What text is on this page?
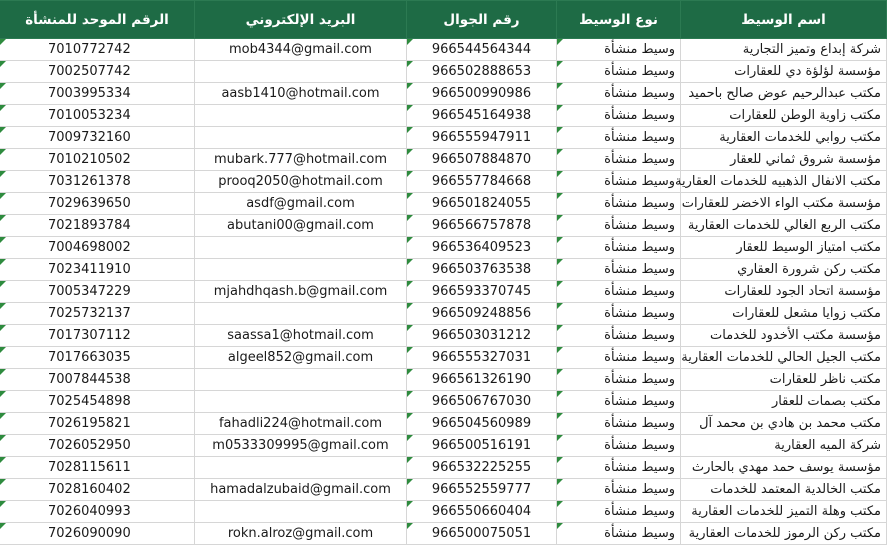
اسم الوسيط	نوع الوسيط	رقم الجوال	البريد الإلكتروني	الرقم الموحد للمنشأة
شركة إبداع وتميز التجارية	وسيط منشأة	966544564344	mob4344@gmail.com	7010772742
مؤسسة لؤلؤة دي للعقارات	وسيط منشأة	966502888653		7002507742
مكتب عبدالرحيم عوض صالح باحميد	وسيط منشأة	966500990986	aasb1410@hotmail.com	7003995334
مكتب زاوية الوطن للعقارات	وسيط منشأة	966545164938		7010053234
مكتب روابي للخدمات العقارية	وسيط منشأة	966555947911		7009732160
مؤسسة شروق ثماني للعقار	وسيط منشأة	966507884870	mubark.777@hotmail.com	7010210502
مكتب الانفال الذهبيه للخدمات العقارية	وسيط منشأة	966557784668	prooq2050@hotmail.com	7031261378
مؤسسة مكتب الواء الاخضر للعقارات	وسيط منشأة	966501824055	asdf@gmail.com	7029639650
مكتب الربع الغالي للخدمات العقارية	وسيط منشأة	966566757878	abutani00@gmail.com	7021893784
مكتب امتياز الوسيط للعقار	وسيط منشأة	966536409523		7004698002
مكتب ركن شرورة العقاري	وسيط منشأة	966503763538		7023411910
مؤسسة اتحاد الجود للعقارات	وسيط منشأة	966593370745	mjahdhqash.b@gmail.com	7005347229
مكتب زوايا مشعل للعقارات	وسيط منشأة	966509248856		7025732137
مؤسسة مكتب الأخدود للخدمات	وسيط منشأة	966503031212	saassa1@hotmail.com	7017307112
مكتب الجيل الحالي للخدمات العقارية	وسيط منشأة	966555327031	algeel852@gmail.com	7017663035
مكتب ناظر للعقارات	وسيط منشأة	966561326190		7007844538
مكتب بصمات للعقار	وسيط منشأة	966506767030		7025454898
مكتب محمد بن هادي بن محمد آل	وسيط منشأة	966504560989	fahadli224@hotmail.com	7026195821
شركة الميه العقارية	وسيط منشأة	966500516191	m0533309995@gmail.com	7026052950
مؤسسة يوسف حمد مهدي بالحارث	وسيط منشأة	966532225255		7028115611
مكتب الخالدية المعتمد للخدمات	وسيط منشأة	966552559777	hamadalzubaid@gmail.com	7028160402
مكتب وهلة التميز للخدمات العقارية	وسيط منشأة	966550660404		7026040993
مكتب ركن الرموز للخدمات العقارية	وسيط منشأة	966500075051	rokn.alroz@gmail.com	7026090090
